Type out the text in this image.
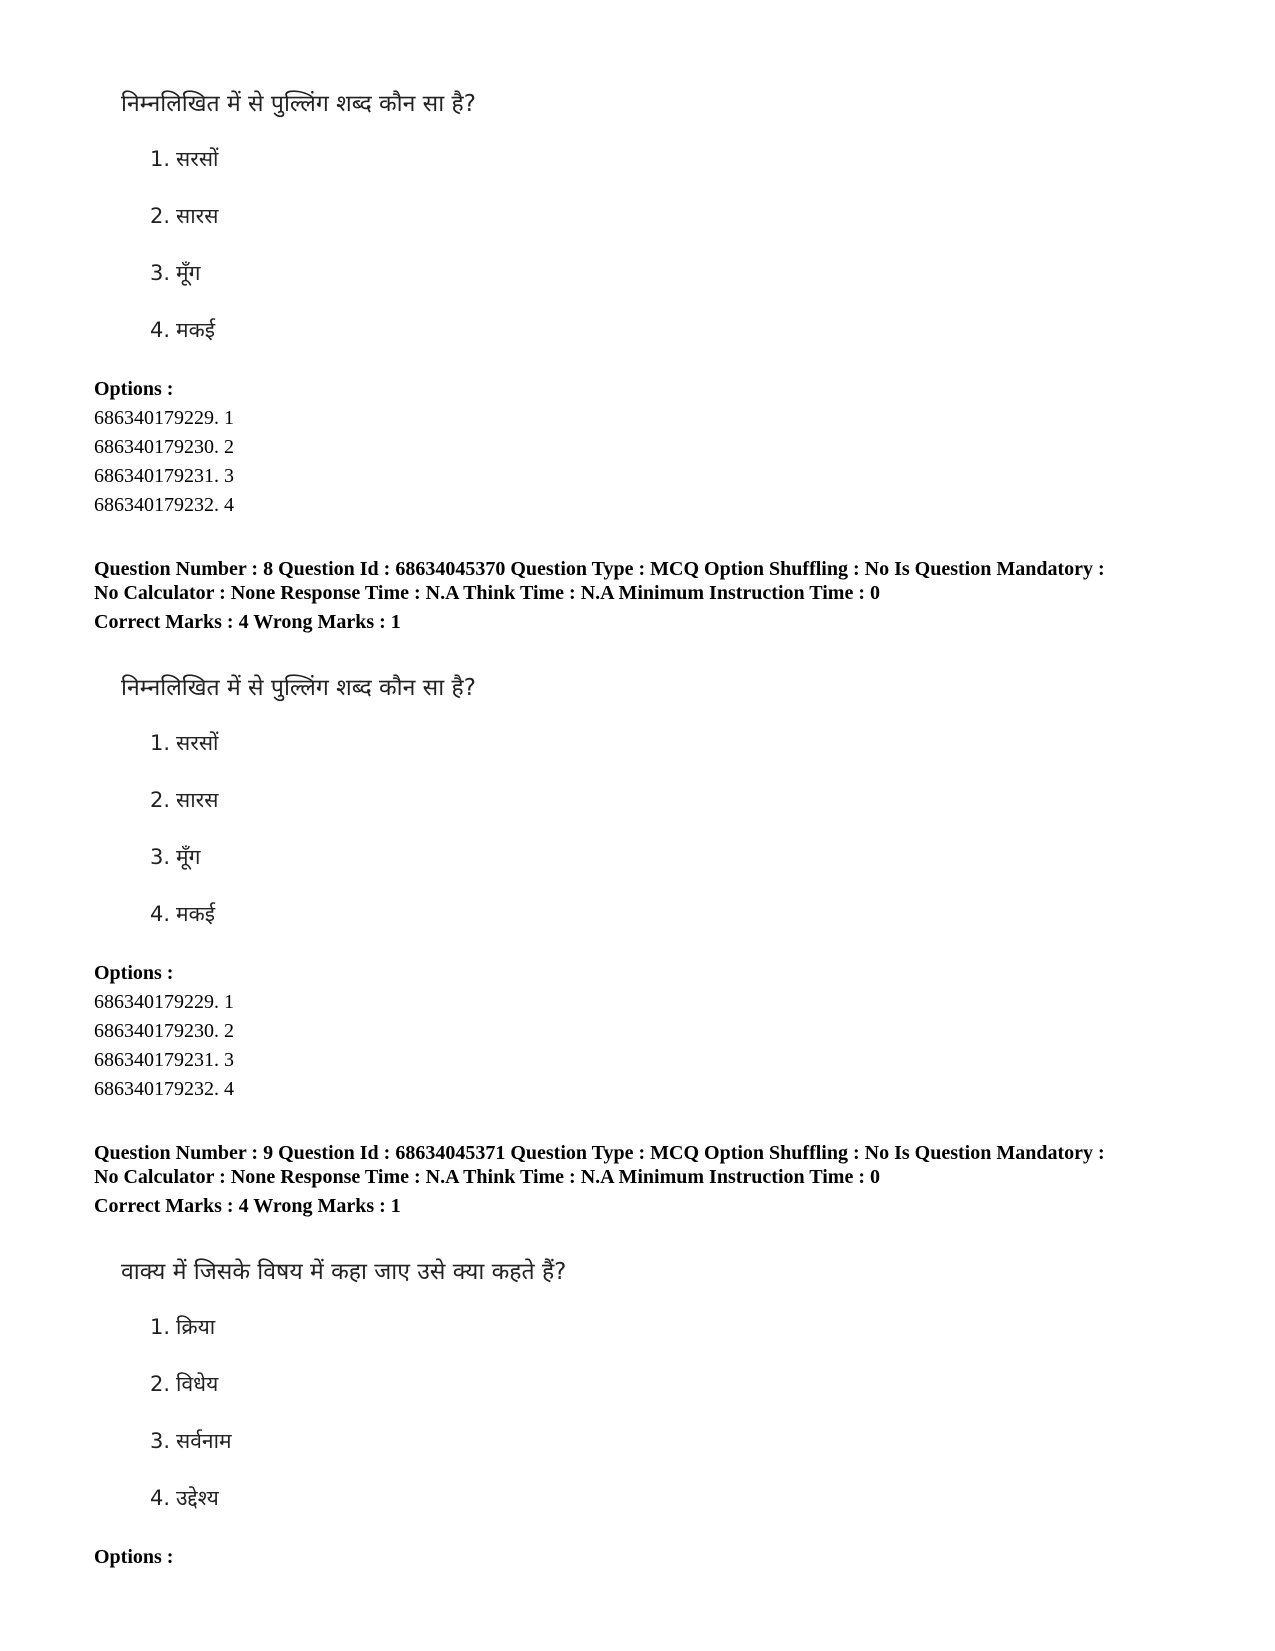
निम्नलिखित में से पुल्लिंग शब्द कौन सा है?
1. सरसों
2. सारस
3. मूँग
4. मकई
Options :
686340179229. 1
686340179230. 2
686340179231. 3
686340179232. 4
Question Number : 8 Question Id : 68634045370 Question Type : MCQ Option Shuffling : No Is Question Mandatory :
No Calculator : None Response Time : N.A Think Time : N.A Minimum Instruction Time : 0
Correct Marks : 4 Wrong Marks : 1
निम्नलिखित में से पुल्लिंग शब्द कौन सा है?
1. सरसों
2. सारस
3. मूँग
4. मकई
Options :
686340179229. 1
686340179230. 2
686340179231. 3
686340179232. 4
Question Number : 9 Question Id : 68634045371 Question Type : MCQ Option Shuffling : No Is Question Mandatory :
No Calculator : None Response Time : N.A Think Time : N.A Minimum Instruction Time : 0
Correct Marks : 4 Wrong Marks : 1
वाक्य में जिसके विषय में कहा जाए उसे क्या कहते हैं?
1. क्रिया
2. विधेय
3. सर्वनाम
4. उद्देश्य
Options :
